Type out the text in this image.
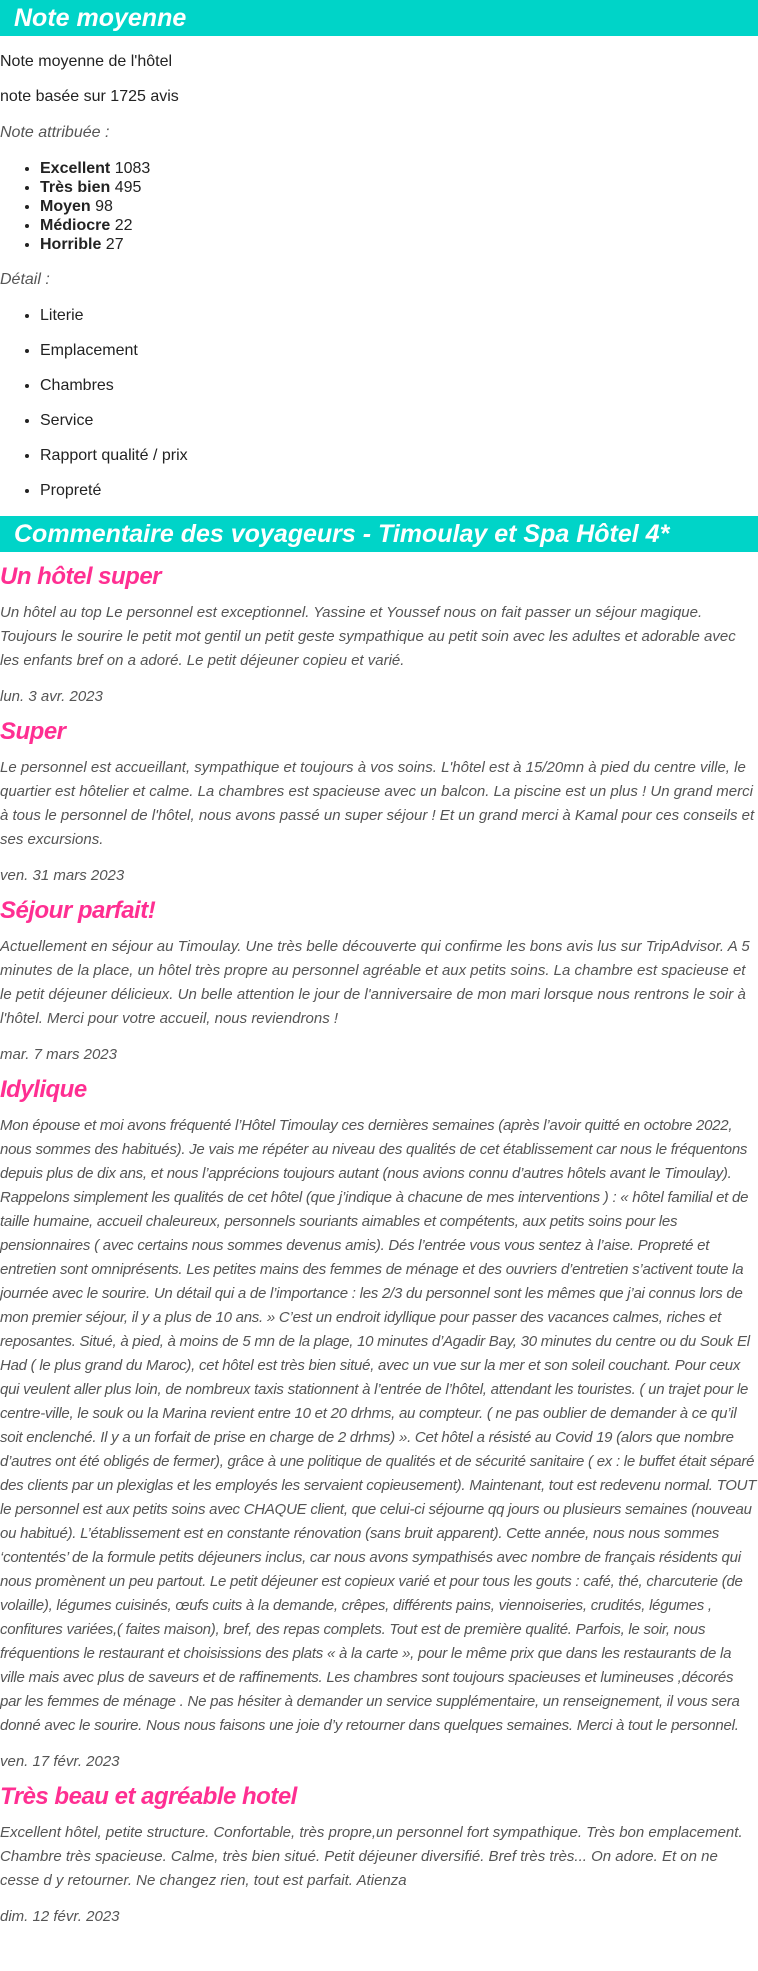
Note moyenne

Note moyenne de l'hôtel

note basée sur 1725 avis

Note attribuée :

• Excellent 1083
• Très bien 495
• Moyen 98
• Médiocre 22
• Horrible 27

Détail :

• Literie
• Emplacement
• Chambres
• Service
• Rapport qualité / prix
• Propreté
Commentaire des voyageurs - Timoulay et Spa Hôtel 4*
Un hôtel super

Un hôtel au top Le personnel est exceptionnel. Yassine et Youssef nous on fait passer un séjour magique. Toujours le sourire le petit mot gentil un petit geste sympathique au petit soin avec les adultes et adorable avec les enfants bref on a adoré. Le petit déjeuner copieu et varié.

lun. 3 avr. 2023

Super

Le personnel est accueillant, sympathique et toujours à vos soins. L'hôtel est à 15/20mn à pied du centre ville, le quartier est hôtelier et calme. La chambres est spacieuse avec un balcon. La piscine est un plus ! Un grand merci à tous le personnel de l'hôtel, nous avons passé un super séjour ! Et un grand merci à Kamal pour ces conseils et ses excursions.

ven. 31 mars 2023

Séjour parfait!

Actuellement en séjour au Timoulay. Une très belle découverte qui confirme les bons avis lus sur TripAdvisor. A 5 minutes de la place, un hôtel très propre au personnel agréable et aux petits soins. La chambre est spacieuse et le petit déjeuner délicieux. Un belle attention le jour de l'anniversaire de mon mari lorsque nous rentrons le soir à l'hôtel. Merci pour votre accueil, nous reviendrons !

mar. 7 mars 2023

Idylique

Mon épouse et moi avons fréquenté l’Hôtel Timoulay ces dernières semaines (après l’avoir quitté en octobre 2022, nous sommes des habitués). Je vais me répéter au niveau des qualités de cet établissement car nous le fréquentons depuis plus de dix ans, et nous l’apprécions toujours autant (nous avions connu d’autres hôtels avant le Timoulay). Rappelons simplement les qualités de cet hôtel (que j’indique à chacune de mes interventions ) : « hôtel familial et de taille humaine, accueil chaleureux, personnels souriants aimables et compétents, aux petits soins pour les pensionnaires ( avec certains nous sommes devenus amis). Dés l’entrée vous vous sentez à l’aise. Propreté et entretien sont omniprésents. Les petites mains des femmes de ménage et des ouvriers d’entretien s’activent toute la journée avec le sourire. Un détail qui a de l’importance : les 2/3 du personnel sont les mêmes que j’ai connus lors de mon premier séjour, il y a plus de 10 ans. » C’est un endroit idyllique pour passer des vacances calmes, riches et reposantes. Situé, à pied, à moins de 5 mn de la plage, 10 minutes d’Agadir Bay, 30 minutes du centre ou du Souk El Had ( le plus grand du Maroc), cet hôtel est très bien situé, avec un vue sur la mer et son soleil couchant. Pour ceux qui veulent aller plus loin, de nombreux taxis stationnent à l’entrée de l’hôtel, attendant les touristes. ( un trajet pour le centre-ville, le souk ou la Marina revient entre 10 et 20 drhms, au compteur. ( ne pas oublier de demander à ce qu’il soit enclenché. Il y a un forfait de prise en charge de 2 drhms) ». Cet hôtel a résisté au Covid 19 (alors que nombre d’autres ont été obligés de fermer), grâce à une politique de qualités et de sécurité sanitaire ( ex : le buffet était séparé des clients par un plexiglas et les employés les servaient copieusement). Maintenant, tout est redevenu normal. TOUT le personnel est aux petits soins avec CHAQUE client, que celui-ci séjourne qq jours ou plusieurs semaines (nouveau ou habitué). L’établissement est en constante rénovation (sans bruit apparent). Cette année, nous nous sommes ‘contentés’ de la formule petits déjeuners inclus, car nous avons sympathisés avec nombre de français résidents qui nous promènent un peu partout. Le petit déjeuner est copieux varié et pour tous les gouts : café, thé, charcuterie (de volaille), légumes cuisinés, œufs cuits à la demande, crêpes, différents pains, viennoiseries, crudités, légumes , confitures variées,( faites maison), bref, des repas complets. Tout est de première qualité. Parfois, le soir, nous fréquentions le restaurant et choisissions des plats « à la carte », pour le même prix que dans les restaurants de la ville mais avec plus de saveurs et de raffinements. Les chambres sont toujours spacieuses et lumineuses ,décorés par les femmes de ménage . Ne pas hésiter à demander un service supplémentaire, un renseignement, il vous sera donné avec le sourire. Nous nous faisons une joie d’y retourner dans quelques semaines. Merci à tout le personnel.

ven. 17 févr. 2023

Très beau et agréable hotel

Excellent hôtel, petite structure. Confortable, très propre,un personnel fort sympathique. Très bon emplacement. Chambre très spacieuse. Calme, très bien situé. Petit déjeuner diversifié. Bref très très... On adore. Et on ne cesse d y retourner. Ne changez rien, tout est parfait. Atienza

dim. 12 févr. 2023
